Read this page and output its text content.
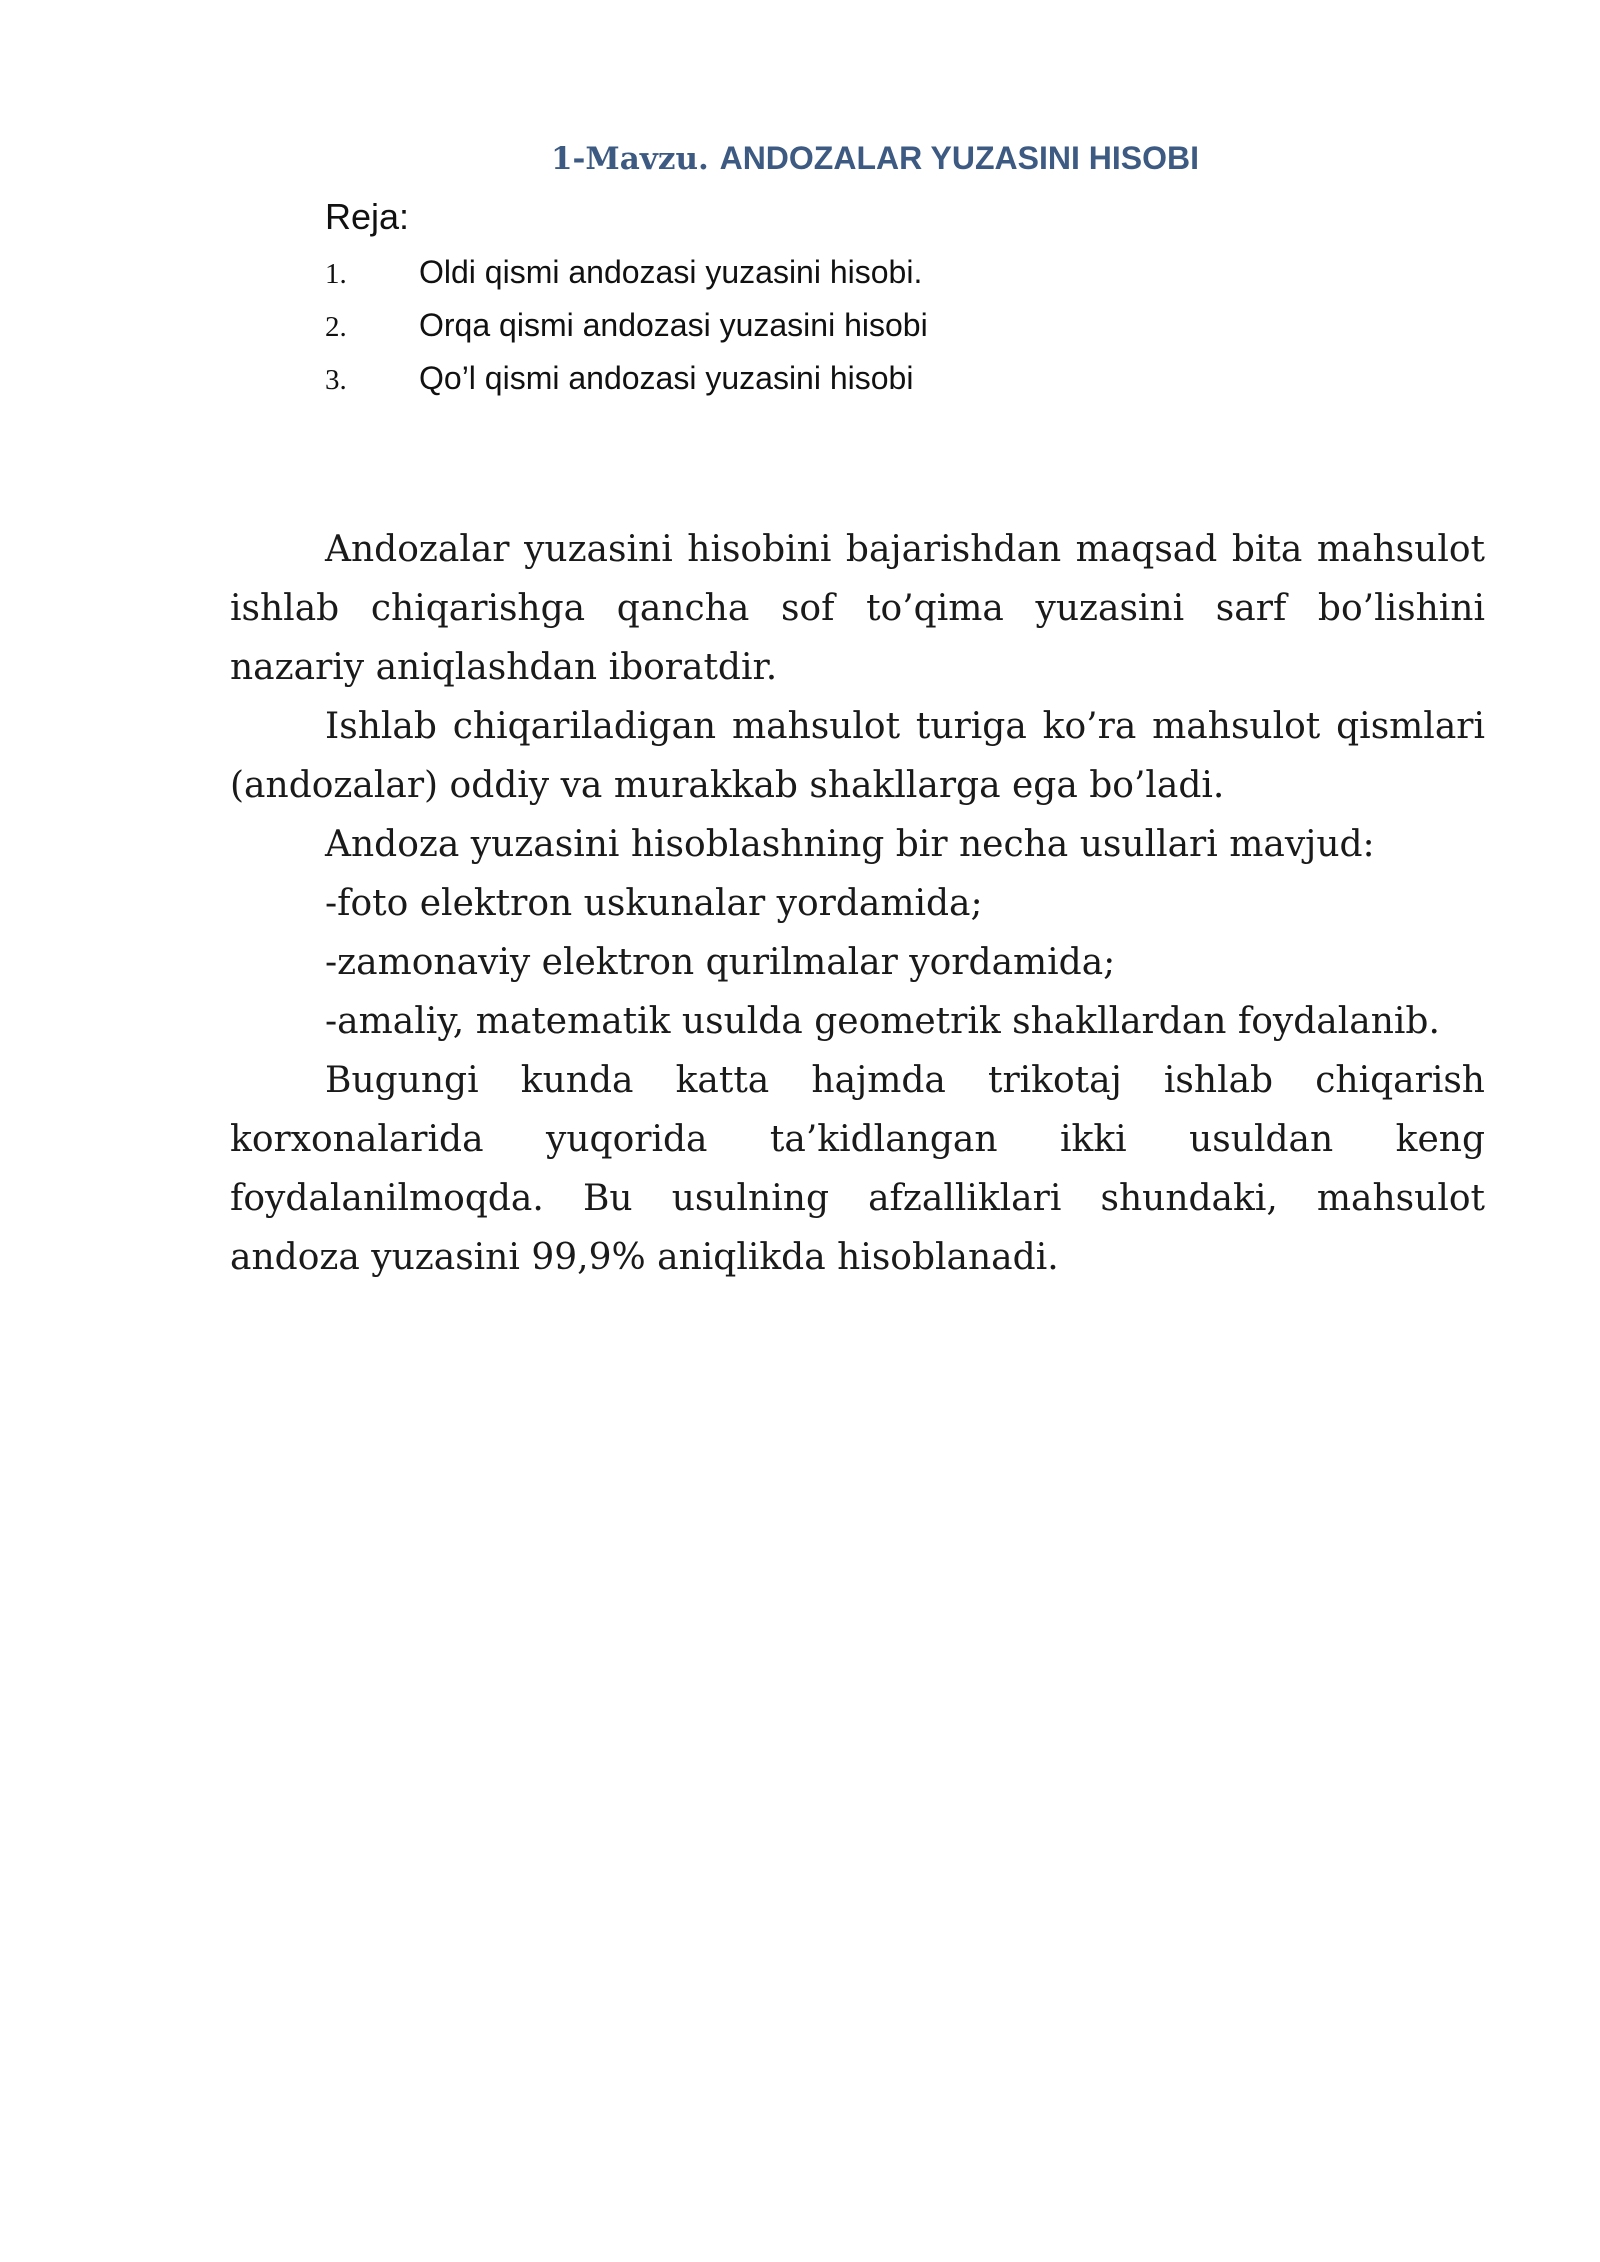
1-Mavzu. ANDOZALAR YUZASINI HISOBI
Reja:
1.	Oldi qismi andozasi yuzasini hisobi.
2.	Orqa qismi andozasi yuzasini hisobi
3.	Qo’l qismi andozasi yuzasini hisobi

Andozalar yuzasini hisobini bajarishdan maqsad bita mahsulot ishlab chiqarishga qancha sof to’qima yuzasini sarf bo’lishini nazariy aniqlashdan iboratdir.

Ishlab chiqariladigan mahsulot turiga ko’ra mahsulot qismlari (andozalar) oddiy va murakkab shakllarga ega bo’ladi.

Andoza yuzasini hisoblashning bir necha usullari mavjud:

-foto elektron uskunalar yordamida;
-zamonaviy elektron qurilmalar yordamida;
-amaliy, matematik usulda geometrik shakllardan foydalanib.

Bugungi kunda katta hajmda trikotaj ishlab chiqarish korxonalarida yuqorida ta’kidlangan ikki usuldan keng foydalanilmoqda. Bu usulning afzalliklari shundaki, mahsulot andoza yuzasini 99,9% aniqlikda hisoblanadi.
